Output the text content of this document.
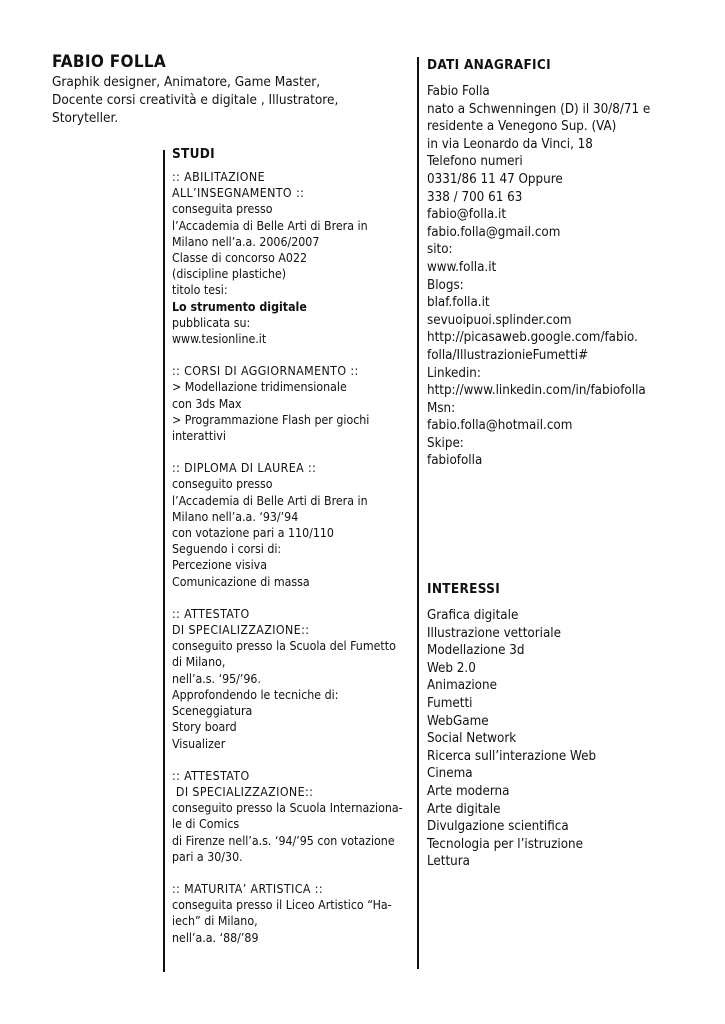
FABIO FOLLA
Graphik designer, Animatore, Game Master,
Docente corsi creatività e digitale , Illustratore,
Storyteller.
STUDI
:: ABILITAZIONE
ALL’INSEGNAMENTO ::
conseguita presso
l’Accademia di Belle Arti di Brera in
Milano nell’a.a. 2006/2007
Classe di concorso A022
(discipline plastiche)
titolo tesi:
Lo strumento digitale
pubblicata su:
www.tesionline.it
:: CORSI DI AGGIORNAMENTO ::
> Modellazione tridimensionale
con 3ds Max
> Programmazione Flash per giochi
interattivi
:: DIPLOMA DI LAUREA ::
conseguito presso
l’Accademia di Belle Arti di Brera in
Milano nell’a.a. ‘93/’94
con votazione pari a 110/110
Seguendo i corsi di:
Percezione visiva
Comunicazione di massa
:: ATTESTATO
DI SPECIALIZZAZIONE::
conseguito presso la Scuola del Fumetto
di Milano,
nell’a.s. ‘95/’96.
Approfondendo le tecniche di:
Sceneggiatura
Story board
Visualizer
:: ATTESTATO
DI SPECIALIZZAZIONE::
conseguito presso la Scuola Internaziona-
le di Comics
di Firenze nell’a.s. ‘94/’95 con votazione
pari a 30/30.
:: MATURITA’ ARTISTICA ::
conseguita presso il Liceo Artistico “Ha-
iech” di Milano,
nell’a.a. ‘88/’89
DATI ANAGRAFICI
Fabio Folla
nato a Schwenningen (D) il 30/8/71 e
residente a Venegono Sup. (VA)
in via Leonardo da Vinci, 18
Telefono numeri
0331/86 11 47 Oppure
338 / 700 61 63
fabio@folla.it
fabio.folla@gmail.com
sito:
www.folla.it
Blogs:
blaf.folla.it
sevuoipuoi.splinder.com
http://picasaweb.google.com/fabio.
folla/IllustrazionieFumetti#
Linkedin:
http://www.linkedin.com/in/fabiofolla
Msn:
fabio.folla@hotmail.com
Skipe:
fabiofolla
INTERESSI
Grafica digitale
Illustrazione vettoriale
Modellazione 3d
Web 2.0
Animazione
Fumetti
WebGame
Social Network
Ricerca sull’interazione Web
Cinema
Arte moderna
Arte digitale
Divulgazione scientifica
Tecnologia per l’istruzione
Lettura
